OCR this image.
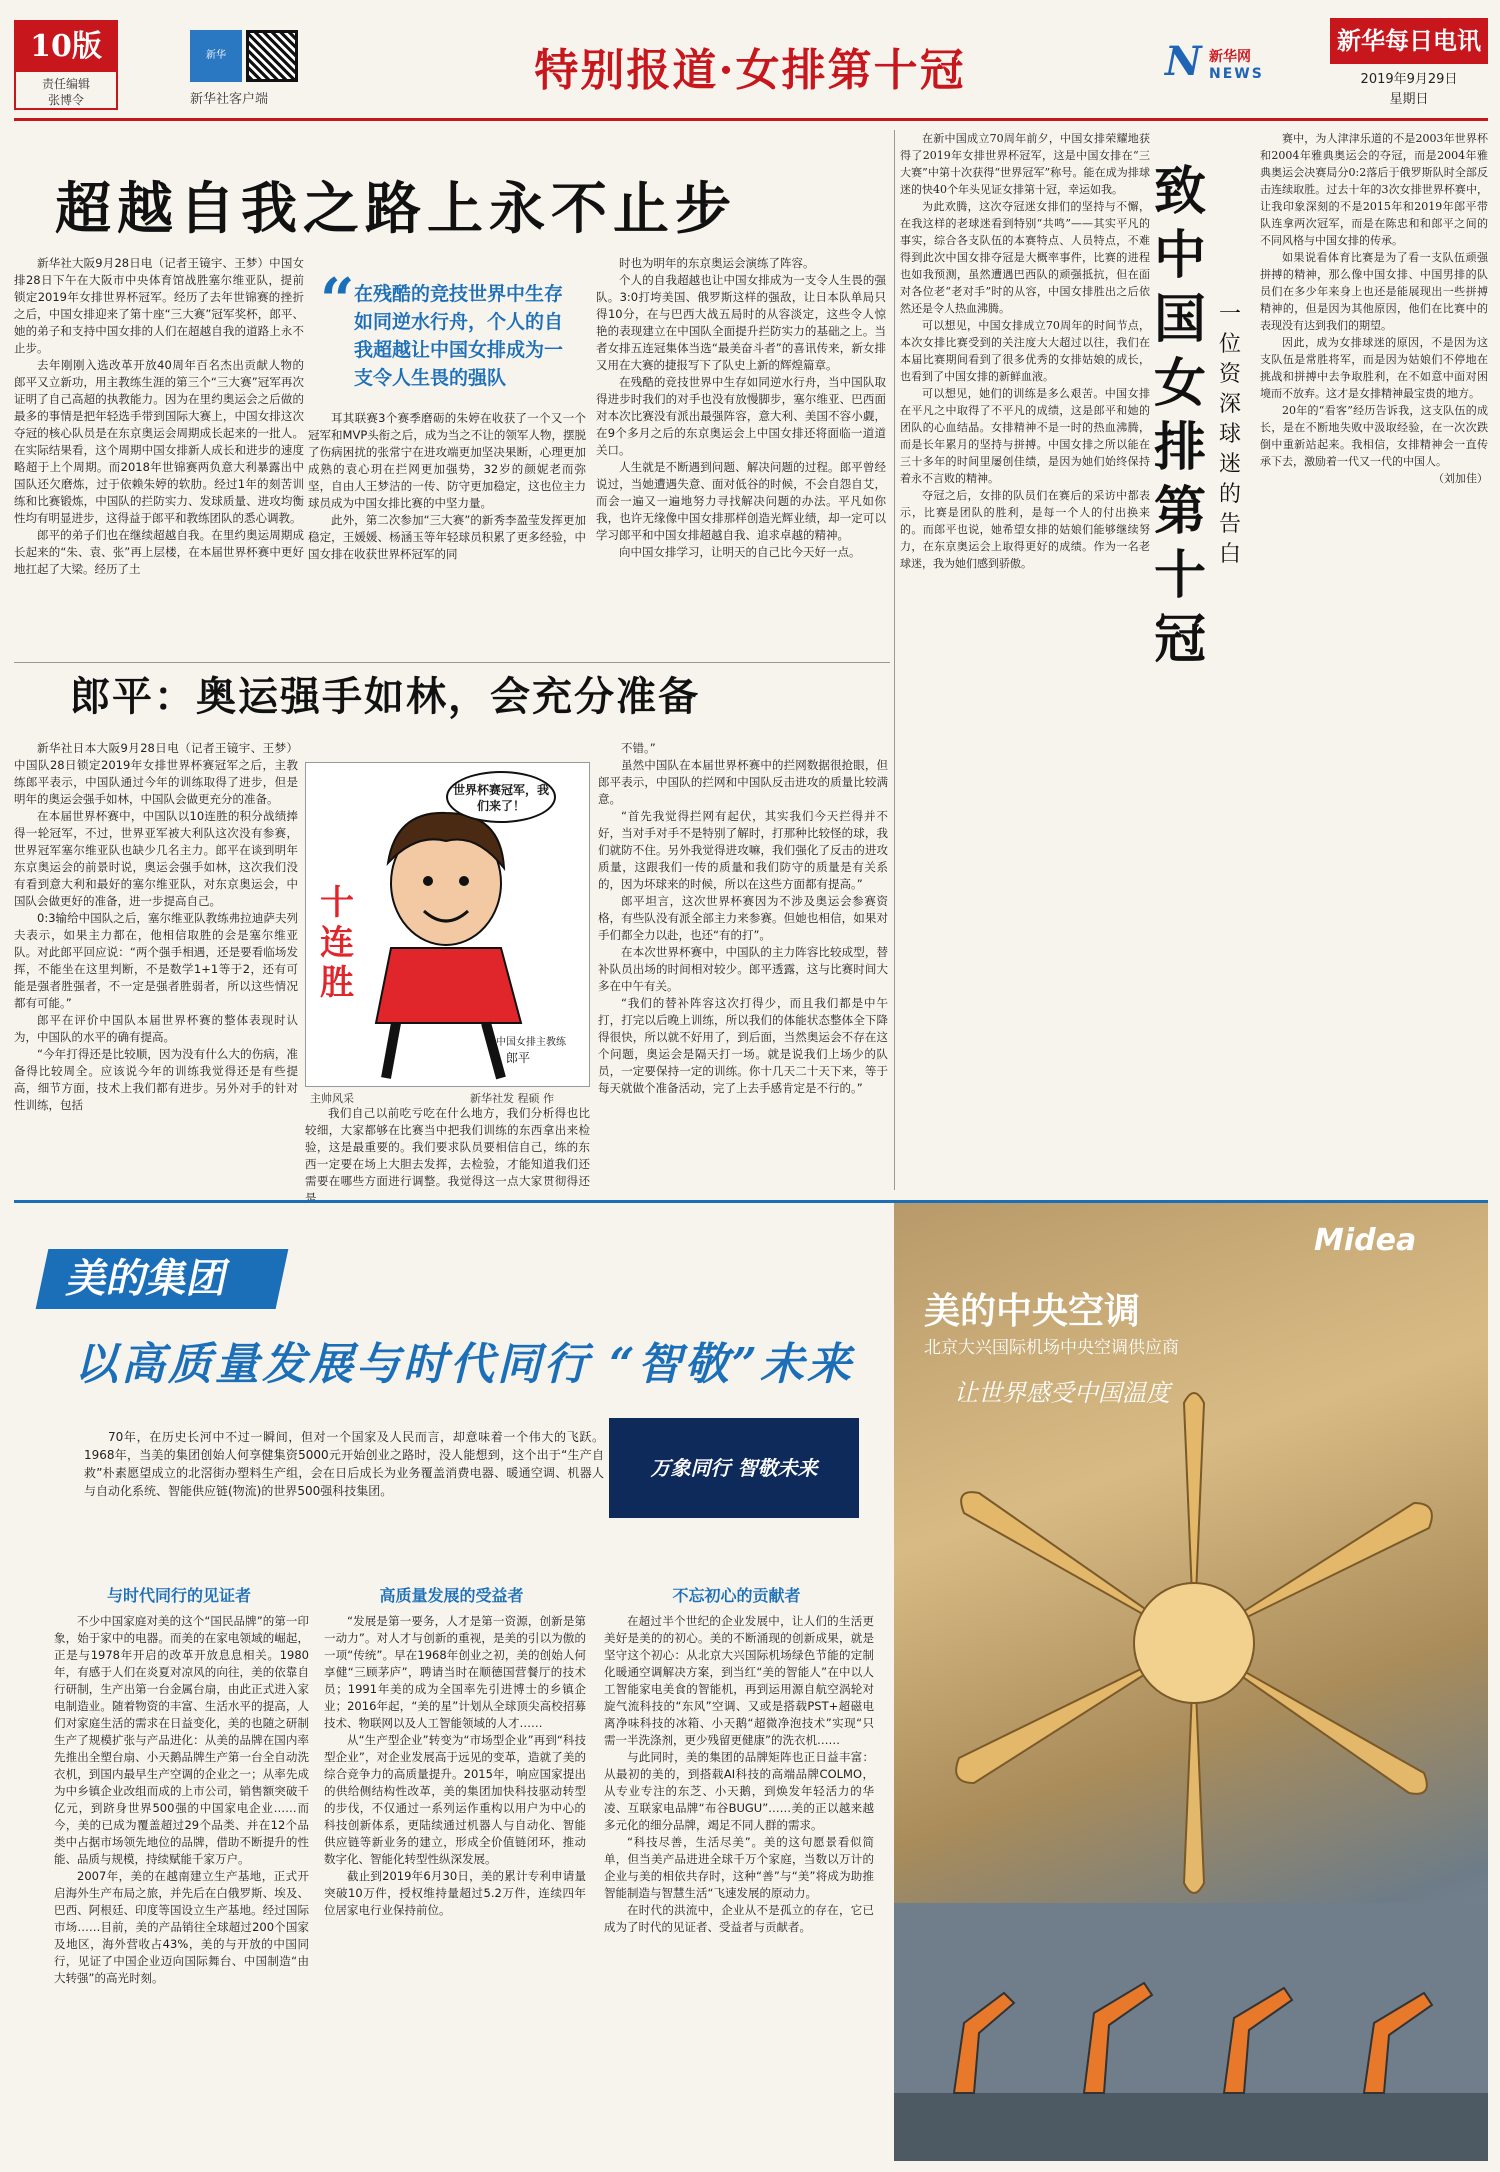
10版
责任编辑
张博令
新华
新华社客户端
特别报道·女排第十冠	N 新华网
NEWS
新华每日电讯
2019年9月29日
星期日
超越自我之路上永不止步

新华社大阪9月28日电（记者王镜宇、王梦）中国女排28日下午在大阪市中央体育馆战胜塞尔维亚队，提前锁定2019年女排世界杯冠军。经历了去年世锦赛的挫折之后，中国女排迎来了第十座“三大赛”冠军奖杯，郎平、她的弟子和支持中国女排的人们在超越自我的道路上永不止步。

去年刚刚入选改革开放40周年百名杰出贡献人物的郎平又立新功，用主教练生涯的第三个“三大赛”冠军再次证明了自己高超的执教能力。因为在里约奥运会之后做的最多的事情是把年轻选手带到国际大赛上，中国女排这次夺冠的核心队员是在东京奥运会周期成长起来的一批人。在实际结果看，这个周期中国女排新人成长和进步的速度略超于上个周期。而2018年世锦赛两负意大利暴露出中国队还欠磨炼，过于依赖朱婷的软肋。经过1年的刻苦训练和比赛锻炼，中国队的拦防实力、发球质量、进攻均衡性均有明显进步，这得益于郎平和教练团队的悉心调教。

郎平的弟子们也在继续超越自我。在里约奥运周期成长起来的“朱、袁、张”再上层楼，在本届世界杯赛中更好地扛起了大梁。经历了土

“ 在残酷的竞技世界中生存如同逆水行舟，个人的自我超越让中国女排成为一支令人生畏的强队

耳其联赛3个赛季磨砺的朱婷在收获了一个又一个冠军和MVP头衔之后，成为当之不让的领军人物，摆脱了伤病困扰的张常宁在进攻端更加坚决果断，心理更加成熟的袁心玥在拦网更加强势，32岁的颜妮老而弥坚，自由人王梦洁的一传、防守更加稳定，这也位主力球员成为中国女排比赛的中坚力量。

此外，第二次参加“三大赛”的新秀李盈莹发挥更加稳定，王媛媛、杨涵玉等年轻球员积累了更多经验，中国女排在收获世界杯冠军的同

时也为明年的东京奥运会演练了阵容。

个人的自我超越也让中国女排成为一支令人生畏的强队。3:0打垮美国、俄罗斯这样的强敌，让日本队单局只得10分，在与巴西大战五局时的从容淡定，这些令人惊艳的表现建立在中国队全面提升拦防实力的基础之上。当者女排五连冠集体当选“最美奋斗者”的喜讯传来，新女排又用在大赛的捷报写下了队史上新的辉煌篇章。

在残酷的竞技世界中生存如同逆水行舟，当中国队取得进步时我们的对手也没有放慢脚步，塞尔维亚、巴西面对本次比赛没有派出最强阵容，意大利、美国不容小觑，在9个多月之后的东京奥运会上中国女排还将面临一道道关口。

人生就是不断遇到问题、解决问题的过程。郎平曾经说过，当她遭遇失意、面对低谷的时候，不会自怨自艾，而会一遍又一遍地努力寻找解决问题的办法。平凡如你我，也许无缘像中国女排那样创造光辉业绩，却一定可以学习郎平和中国女排超越自我、追求卓越的精神。

向中国女排学习，让明天的自己比今天好一点。

郎平：奥运强手如林，会充分准备

新华社日本大阪9月28日电（记者王镜宇、王梦）中国队28日锁定2019年女排世界杯赛冠军之后，主教练郎平表示，中国队通过今年的训练取得了进步，但是明年的奥运会强手如林，中国队会做更充分的准备。

在本届世界杯赛中，中国队以10连胜的积分战绩捧得一轮冠军，不过，世界亚军被大利队这次没有参赛，世界冠军塞尔维亚队也缺少几名主力。郎平在谈到明年东京奥运会的前景时说，奥运会强手如林，这次我们没有看到意大利和最好的塞尔维亚队，对东京奥运会，中国队会做更好的准备，进一步提高自己。

0:3输给中国队之后，塞尔维亚队教练弗拉迪萨夫列夫表示，如果主力都在，他相信取胜的会是塞尔维亚队。对此郎平回应说：“两个强手相遇，还是要看临场发挥，不能坐在这里判断，不是数学1+1等于2，还有可能是强者胜强者，不一定是强者胜弱者，所以这些情况都有可能。”

郎平在评价中国队本届世界杯赛的整体表现时认为，中国队的水平的确有提高。

“今年打得还是比较顺，因为没有什么大的伤病，准备得比较周全。应该说今年的训练我觉得还是有些提高，细节方面，技术上我们都有进步。另外对手的针对性训练，包括

世界杯赛冠军，我们来了！
十连胜
中国女排主教练
郎平
主帅风采	新华社发 程硕 作

我们自己以前吃亏吃在什么地方，我们分析得也比较细，大家都够在比赛当中把我们训练的东西拿出来检验，这是最重要的。我们要求队员要相信自己，练的东西一定要在场上大胆去发挥，去检验，才能知道我们还需要在哪些方面进行调整。我觉得这一点大家贯彻得还是

不错。”

虽然中国队在本届世界杯赛中的拦网数据很抢眼，但郎平表示，中国队的拦网和中国队反击进攻的质量比较满意。

“首先我觉得拦网有起伏，其实我们今天拦得并不好，当对手对手不是特别了解时，打那种比较怪的球，我们就防不住。另外我觉得进攻嘛，我们强化了反击的进攻质量，这跟我们一传的质量和我们防守的质量是有关系的，因为坏球来的时候，所以在这些方面都有提高。”

郎平坦言，这次世界杯赛因为不涉及奥运会参赛资格，有些队没有派全部主力来参赛。但她也相信，如果对手们都全力以赴，也还“有的打”。

在本次世界杯赛中，中国队的主力阵容比较成型，替补队员出场的时间相对较少。郎平透露，这与比赛时间大多在中午有关。

“我们的替补阵容这次打得少，而且我们都是中午打，打完以后晚上训练，所以我们的体能状态整体全下降得很快，所以就不好用了，到后面，当然奥运会不存在这个问题，奥运会是隔天打一场。就是说我们上场少的队员，一定要保持一定的训练。你十几天二十天下来，等于每天就做个准备活动，完了上去手感肯定是不行的。”

在新中国成立70周年前夕，中国女排荣耀地获得了2019年女排世界杯冠军，这是中国女排在“三大赛”中第十次获得“世界冠军”称号。能在成为排球迷的快40个年头见证女排第十冠，幸运如我。

为此欢腾，这次夺冠迷女排们的坚持与不懈，在我这样的老球迷看到特别“共鸣”——其实平凡的事实，综合各支队伍的本赛特点、人员特点，不难得到此次中国女排夺冠是大概率事件，比赛的进程也如我预测，虽然遭遇巴西队的顽强抵抗，但在面对各位老“老对手”时的从容，中国女排胜出之后依然还是令人热血沸腾。

可以想见，中国女排成立70周年的时间节点，本次女排比赛受到的关注度大大超过以往，我们在本届比赛期间看到了很多优秀的女排姑娘的成长，也看到了中国女排的新鲜血液。

可以想见，她们的训练是多么艰苦。中国女排在平凡之中取得了不平凡的成绩，这是郎平和她的团队的心血结晶。女排精神不是一时的热血沸腾，而是长年累月的坚持与拼搏。中国女排之所以能在三十多年的时间里屡创佳绩，是因为她们始终保持着永不言败的精神。

夺冠之后，女排的队员们在赛后的采访中都表示，比赛是团队的胜利，是每一个人的付出换来的。而郎平也说，她希望女排的姑娘们能够继续努力，在东京奥运会上取得更好的成绩。作为一名老球迷，我为她们感到骄傲。

致中国女排第十冠
一位资深球迷的告白

赛中，为人津津乐道的不是2003年世界杯和2004年雅典奥运会的夺冠，而是2004年雅典奥运会决赛局分0:2落后于俄罗斯队时全部反击连续取胜。过去十年的3次女排世界杯赛中，让我印象深刻的不是2015年和2019年郎平带队连拿两次冠军，而是在陈忠和和郎平之间的不同风格与中国女排的传承。

如果说看体育比赛是为了看一支队伍顽强拼搏的精神，那么像中国女排、中国男排的队员们在多少年来身上也还是能展现出一些拼搏精神的，但是因为其他原因，他们在比赛中的表现没有达到我们的期望。

因此，成为女排球迷的原因，不是因为这支队伍是常胜将军，而是因为姑娘们不停地在挑战和拼搏中去争取胜利，在不如意中面对困境而不放弃。这才是女排精神最宝贵的地方。

20年的“看客”经历告诉我，这支队伍的成长，是在不断地失败中汲取经验，在一次次跌倒中重新站起来。我相信，女排精神会一直传承下去，激励着一代又一代的中国人。

（刘加佳）

美的集团
以高质量发展与时代同行 “智敬”未来

70年，在历史长河中不过一瞬间，但对一个国家及人民而言，却意味着一个伟大的飞跃。1968年，当美的集团创始人何享健集资5000元开始创业之路时，没人能想到，这个出于“生产自救”朴素愿望成立的北滘街办塑料生产组，会在日后成长为业务覆盖消费电器、暖通空调、机器人与自动化系统、智能供应链(物流)的世界500强科技集团。

万象同行 智敬未来
与时代同行的见证者

不少中国家庭对美的这个“国民品牌”的第一印象，始于家中的电器。而美的在家电领域的崛起，正是与1978年开启的改革开放息息相关。1980年，有感于人们在炎夏对凉风的向往，美的依靠自行研制，生产出第一台金属台扇，由此正式进入家电制造业。随着物资的丰富、生活水平的提高，人们对家庭生活的需求在日益变化，美的也随之研制生产了规模扩张与产品进化：从美的品牌在国内率先推出全塑台扇、小天鹅品牌生产第一台全自动洗衣机，到国内最早生产空调的企业之一；从率先成为中乡镇企业改组而成的上市公司，销售额突破千亿元，到跻身世界500强的中国家电企业……而今，美的已成为覆盖超过29个品类、并在12个品类中占据市场领先地位的品牌，借助不断提升的性能、品质与规模，持续赋能千家万户。

2007年，美的在越南建立生产基地，正式开启海外生产布局之旅，并先后在白俄罗斯、埃及、巴西、阿根廷、印度等国设立生产基地。经过国际市场……目前，美的产品销往全球超过200个国家及地区，海外营收占43%，美的与开放的中国同行，见证了中国企业迈向国际舞台、中国制造“由大转强”的高光时刻。

高质量发展的受益者

“发展是第一要务，人才是第一资源，创新是第一动力”。对人才与创新的重视，是美的引以为傲的一项“传统”。早在1968年创业之初，美的创始人何享健“三顾茅庐”，聘请当时在顺德国营餐厅的技术员；1991年美的成为全国率先引进博士的乡镇企业；2016年起，“美的星”计划从全球顶尖高校招募技术、物联网以及人工智能领域的人才……

从“生产型企业”转变为“市场型企业”再到“科技型企业”，对企业发展高于远见的变革，造就了美的综合竞争力的高质量提升。2015年，响应国家提出的供给侧结构性改革，美的集团加快科技驱动转型的步伐，不仅通过一系列运作重构以用户为中心的科技创新体系，更陆续通过机器人与自动化、智能供应链等新业务的建立，形成全价值链闭环，推动数字化、智能化转型性纵深发展。

截止到2019年6月30日，美的累计专利申请量突破10万件，授权维持量超过5.2万件，连续四年位居家电行业保持前位。

不忘初心的贡献者

在超过半个世纪的企业发展中，让人们的生活更美好是美的的初心。美的不断涌现的创新成果，就是坚守这个初心：从北京大兴国际机场绿色节能的定制化暖通空调解决方案，到当红“美的智能人”在中以人工智能家电美食的智能机，再到运用源自航空涡轮对旋气流科技的“东风”空调、又或是搭载PST+超磁电离净味科技的冰箱、小天鹅“超微净泡技术”实现“只需一半洗涤剂，更少残留更健康”的洗衣机……

与此同时，美的集团的品牌矩阵也正日益丰富：从最初的美的，到搭载AI科技的高端品牌COLMO，从专业专注的东芝、小天鹅，到焕发年轻活力的华凌、互联家电品牌“布谷BUGU”……美的正以越来越多元化的细分品牌，竭足不同人群的需求。

“科技尽善，生活尽美”。美的这句愿景看似简单，但当美产品进进全球千万个家庭，当数以万计的企业与美的相依共存时，这种“善”与“美”将成为助推智能制造与智慧生活“飞速发展的原动力。

在时代的洪流中，企业从不是孤立的存在，它已成为了时代的见证者、受益者与贡献者。

Midea
美的中央空调
北京大兴国际机场中央空调供应商
让世界感受中国温度
